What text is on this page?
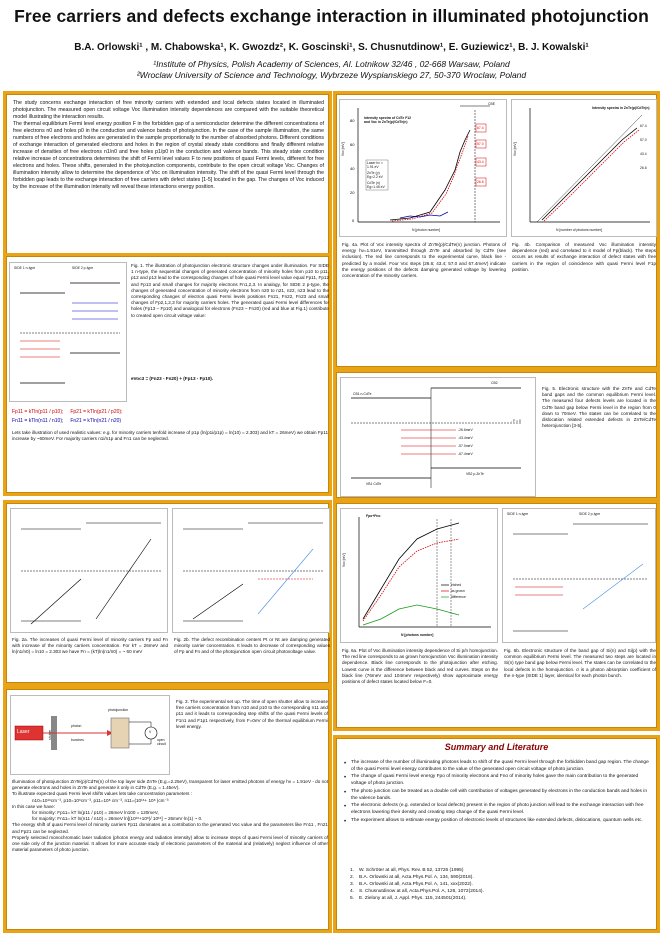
Free carriers and defects exchange interaction in illuminated photojunction
B.A. Orlowski¹ , M. Chabowska¹, K. Gwozdz², K. Goscinski¹, S. Chusnutdinow¹, E. Guziewicz¹, B. J. Kowalski¹
¹Institute of Physics, Polish Academy of Sciences, Al. Lotnikow 32/46 , 02-668 Warsaw, Poland
²Wroclaw University of Science and Technology, Wybrzeze Wyspianskiego 27, 50-370 Wroclaw, Poland

The study concerns exchange interaction of free minority carriers with extended and local defects states located in illuminated photojunction. The measured open circuit voltage Voc illumination intensity dependences are compared with the suitable theoretical model illustrating the interaction results.

The thermal equilibrium Fermi level energy position F in the forbidden gap of a semiconductor determine the different concentrations of free electrons n0 and holes p0 in the conduction and valence bands of photojunction. In the case of the sample illumination, the same numbers of free electrons and holes are generated in the sample proportionally to the number of absorbed photons. Different conditions of exchange interaction of generated electrons and holes in the region of crystal steady state conditions and finally different relative increase of densities of free electrons n1/n0 and free holes p1/p0 in the conduction and valence bands. This steady state condition relative increase of concentrations determines the shift of Fermi level values F to new positions of quasi Fermi levels, different for free electrons and holes. These shifts, generated in the photojunction components, contribute to the open circuit voltage Voc. Changes of illumination intensity allow to determine the dependence of Voc on illumination intensity. The shift of the quasi Fermi level through the forbidden gap leads to the exchange interaction of free carriers with defect states [1-5] located in the gap. The changes of Voc induced by the increase of the illumination intensity will reveal these interactions energy position.

80
60
40
20
0
CBE
Intensity spectra of CdTe F12 and Voc in ZnTe(p)/CdTe(n)
Voc [mV]
N [photon number]
Laser hν = 1.91 eV
ZnTe (p) Eg=2.2 eV
CdTe (n) Eg=1.45 eV
67.4
57.0
43.4
26.6
Intensity spectra in ZnTe(p)/CdTe(n)
Voc [mV]
N [number of photons number]
67.4
57.0
43.4
26.6
Fig. 4a. Plot of Voc intensity spectra of ZnTe(p)/CdTe(n) junction. Photons of energy hν=1.91eV, transmitted through ZnTe and absorbed by CdTe (see inclusion). The red line corresponds to the experimental curve, black line - predicted by a model. Four Voc steps (26.6; 43.4; 57.0 and 67.4meV) indicate the energy positions of the defects damping generated voltage by lowering concentration of the minority carriers.
Fig. 4b. Comparison of measured Voc illumination intensity dependence (red) and correlated to it model of Fp(black). The steps occurs as results of exchange interaction of defect states with free carriers in the region of coincidence with quasi Fermi level F1p position.
SIDE 1 n-type	SIDE 2 p-type	Fig. 1. The illustration of photojunction electronic structure changes under illumination. For SIDE 1 n-type, the sequential changes of generated concentration of minority holes from p10 to p11, p12 and p13 lead to the corresponding changes of hole quasi Fermi level value equal Fp11, Fp12 and Fp13 and small changes for majority electrons Fn1,2,3. In analogy, for SIDE 2 p-type, the changes of generated concentration of minority electrons from n20 to n21, n22, n23 lead to the corresponding changes of electron quasi Fermi levels positions Fn21, Fn22, Fn23 and small changes of Fp2,1,2,3 for majority carriers holes. The generated quasi Fermi level differences for holes (Fp13 – Fp10) and analogical for electrons (Fn23 – Fn20) (red and blue at Fig.1) contribute to created open circuit voltage value:
eVoc3 = (Fn23 - Fn20) + (Fp13 - Fp10).
Fp11 = kTln(p11 / p10); Fp21 = kTln(p21 / p20);
Fn11 = kTln(n11 / n10); Fn21 = kTln(n21 / n20)
Lets take illustration of used realistic values: e.g. for minority carriers tenfold increase of p1p (ln(p1i/p1p) = ln(10) = 2.303) and kT = 26meV) we obtain Fp11 increase by ~60meV. For majority carriers n1i/n1p and Fn1 can be neglected.
CB1 n-CdTe
CB2
- F = 0
-26.6meV
-43.4meV
-57.0meV
-67.4meV
VB1 CdTe
VB2 p-ZnTe
Fig. 5. Electronic structure with the ZnTe and CdTe band gaps and the common equilibrium Fermi level. The measured four defects levels are located in the CdTe band gap below Fermi level in the region from 0 down to 70meV. The states can be correlated to the dislocation related extended defects in ZnTe/CdTe heterojunction [3-5].
Fig. 2a. The increases of quasi Fermi level of minority carriers Fp and Fn with increase of the minority carriers concentration. For kT = 26meV and ln(n1/n0) = ln10 = 2.303 we have Fn = (kT)ln(n1/n0) = ~ 60 meV
Fig. 2b. The defect recombination centers Pt or Nt are damping generated minority carrier concentration. It leads to decrease of corresponding values of Fp and Fn and of the photojunction open circuit photovoltage value.
Fpo+Fno
Voc [mV]
N [photons number]
etched
as grown
difference
SIDE 1 n-type	SIDE 2 p-type
Fig. 6a. Plot of Voc illumination intensity dependence of Si p/n homojunction. The red line corresponds to as grown homojunction Voc illumination intensity dependence. Black line corresponds to the photojunction after etching. Lowest curve is the difference between black and red curves. Steps on the black line (76meV and 104meV respectively) show approximate energy positions of defect states located below F=0.
Fig. 6b. Electronic structure of the band gap of Si(n) and Si(p) with the common equilibrium Fermi level. The measured two steps are located in Si(n) type band gap below Fermi level. The states can be correlated to the local defects in the homojunction. σ is a photon absorption coefficient of the n-type (SIDE 1) layer, identical for each photon bunch.
Laser	shutter
photon
bunches
photojunction
V
open circuit
Fig. 3. The experimental set up. The time of open shutter allow to increase free carriers concentration from n10 and p10 to the corresponding n11 and p11 and it leads to corresponding step shifts of the quasi Fermi levels of F1n1 and F1p1 respectively, from F=0eV of the thermal equilibrium Fermi level energy.

Illumination of photojunction ZnTe(p)/CdTe(n) of the top layer side ZnTe (E.g.=2.25eV), transparent for laser emitted photons of energy hν = 1.91eV - do not generate electrons and holes in ZnTe and generate it only in CdTe (E.g. = 1.45eV).

To illustrate expected quasi Fermi level shifts values lets take concentration parameters :

n10=10¹⁶cm⁻³, p10=10⁶cm⁻³, p11=10⁸ cm⁻³, n11=(10¹⁶+ 10⁸ )cm⁻³

In this case we have:

for minority: Fp11= kT ln(p11 / p10) = 26meV ln100 = 120meV,

for majority: Fn11= kT ln(n11 / n10) = 26meV ln[(10¹⁶+10⁸)/ 10¹⁶] ~ 26meV·ln(1) ~ 0.

The energy shift of quasi Fermi level of minority carriers Fp11 dominates as a contribution to the generated Voc value and the parameters like Fn11 , Fn21 and Fp21 can be neglected.

Properly selected monochromatic laser radiation (photon energy and radiation intensity) allow to increase steps of quasi Fermi level of minority carriers of one side only of the junction material. It allows for more accurate study of electronic parameters of the material and (relatively) neglect influence of other material parameters of photo junction.

Summary and Literature
• The increase of the number of illuminating photons leads to shift of the quasi Fermi level through the forbidden band gap region. The change of the quasi Fermi level energy contributes to the value of the generated open circuit voltage of photo junction.
• The change of quasi Fermi level energy Fpo of minority electrons and Fno of minority holes gave the main contribution to the generated voltage of photo junction.
• The photo junction can be treated as a double cell with contribution of voltages generated by electrons in the conduction bands and holes in the valence bands.
• The electronic defects (e.g. extended or local defects) present in the region of photo junction will lead to the exchange interaction with free electrons lowering their density and creating step change of the quasi Fermi level.
• The experiment allows to estimate energy position of electronic levels of structures like extended defects, dislocations, quantum wells etc.
1. W. Schröter at all, Phys. Rev. B 52, 13726 (1995)
2. B.A. Orlowski at all, Acta.Phys.Pol. A, 134, 590(2018).
3. B.A. Orlowski at all, Acta.Phys.Pol. A, 141, xxx(2022).
4. S. Chusnutdinow at all, Acta.Phys.Pol. A, 126, 1072(2014).
5. E. Zielony at all, J. Appl. Phys. 115, 244501(2014).
